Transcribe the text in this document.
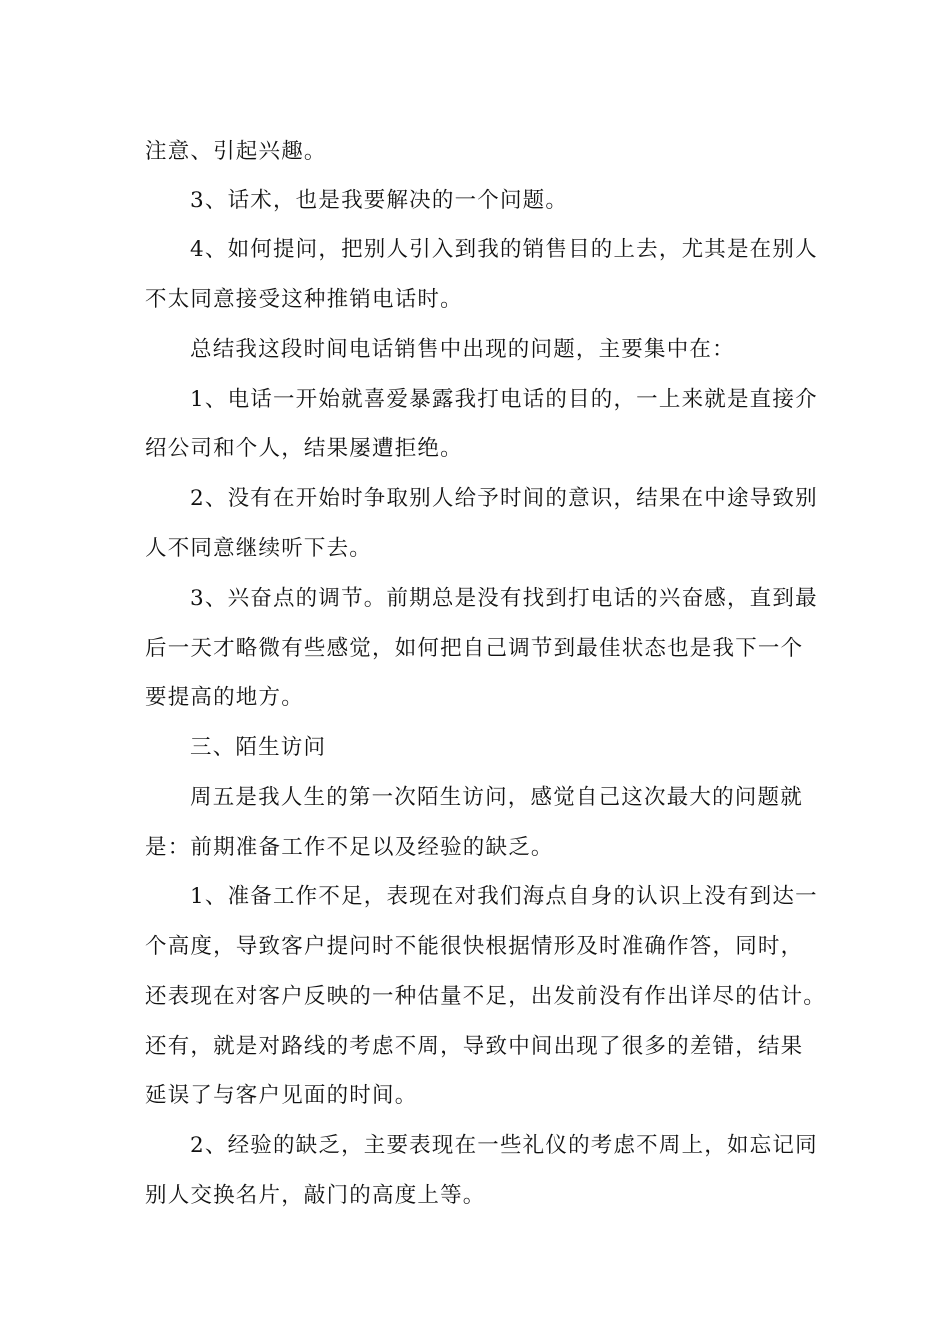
注意、引起兴趣。
3、话术，也是我要解决的一个问题。
4、如何提问，把别人引入到我的销售目的上去，尤其是在别人
不太同意接受这种推销电话时。
总结我这段时间电话销售中出现的问题，主要集中在：
1、电话一开始就喜爱暴露我打电话的目的，一上来就是直接介
绍公司和个人，结果屡遭拒绝。
2、没有在开始时争取别人给予时间的意识，结果在中途导致别
人不同意继续听下去。
3、兴奋点的调节。前期总是没有找到打电话的兴奋感，直到最
后一天才略微有些感觉，如何把自己调节到最佳状态也是我下一个
要提高的地方。
三、陌生访问
周五是我人生的第一次陌生访问，感觉自己这次最大的问题就
是：前期准备工作不足以及经验的缺乏。
1、准备工作不足，表现在对我们海点自身的认识上没有到达一
个高度，导致客户提问时不能很快根据情形及时准确作答，同时，
还表现在对客户反映的一种估量不足，出发前没有作出详尽的估计。
还有，就是对路线的考虑不周，导致中间出现了很多的差错，结果
延误了与客户见面的时间。
2、经验的缺乏，主要表现在一些礼仪的考虑不周上，如忘记同
别人交换名片，敲门的高度上等。
